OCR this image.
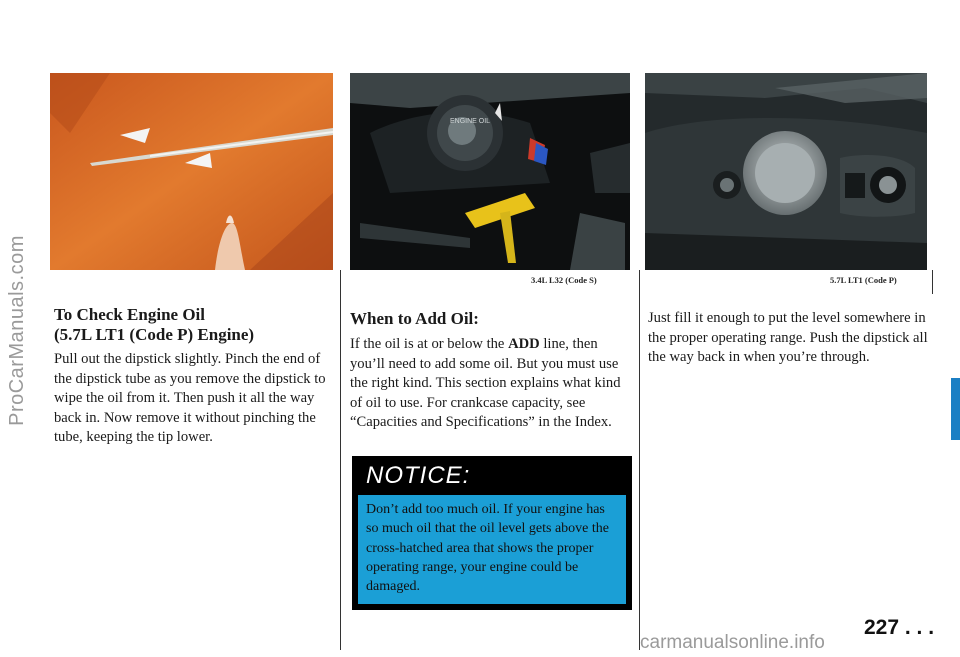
ProCarManuals.com
ENGINE OIL
3.4L L32 (Code S)	5.7L LT1 (Code P)
To Check Engine Oil
(5.7L LT1 (Code P) Engine)

Pull out the dipstick slightly. Pinch the end of the dipstick tube as you remove the dipstick to wipe the oil from it. Then push it all the way back in. Now remove it without pinching the tube, keeping the tip lower.

When to Add Oil:

If the oil is at or below the ADD line, then you’ll need to add some oil. But you must use the right kind. This section explains what kind of oil to use. For crankcase capacity, see “Capacities and Specifications” in the Index.

NOTICE:
Don’t add too much oil. If your engine has so much oil that the oil level gets above the cross-hatched area that shows the proper operating range, your engine could be damaged.

Just fill it enough to put the level somewhere in the proper operating range. Push the dipstick all the way back in when you’re through.

227 . . .
carmanualsonline.info
